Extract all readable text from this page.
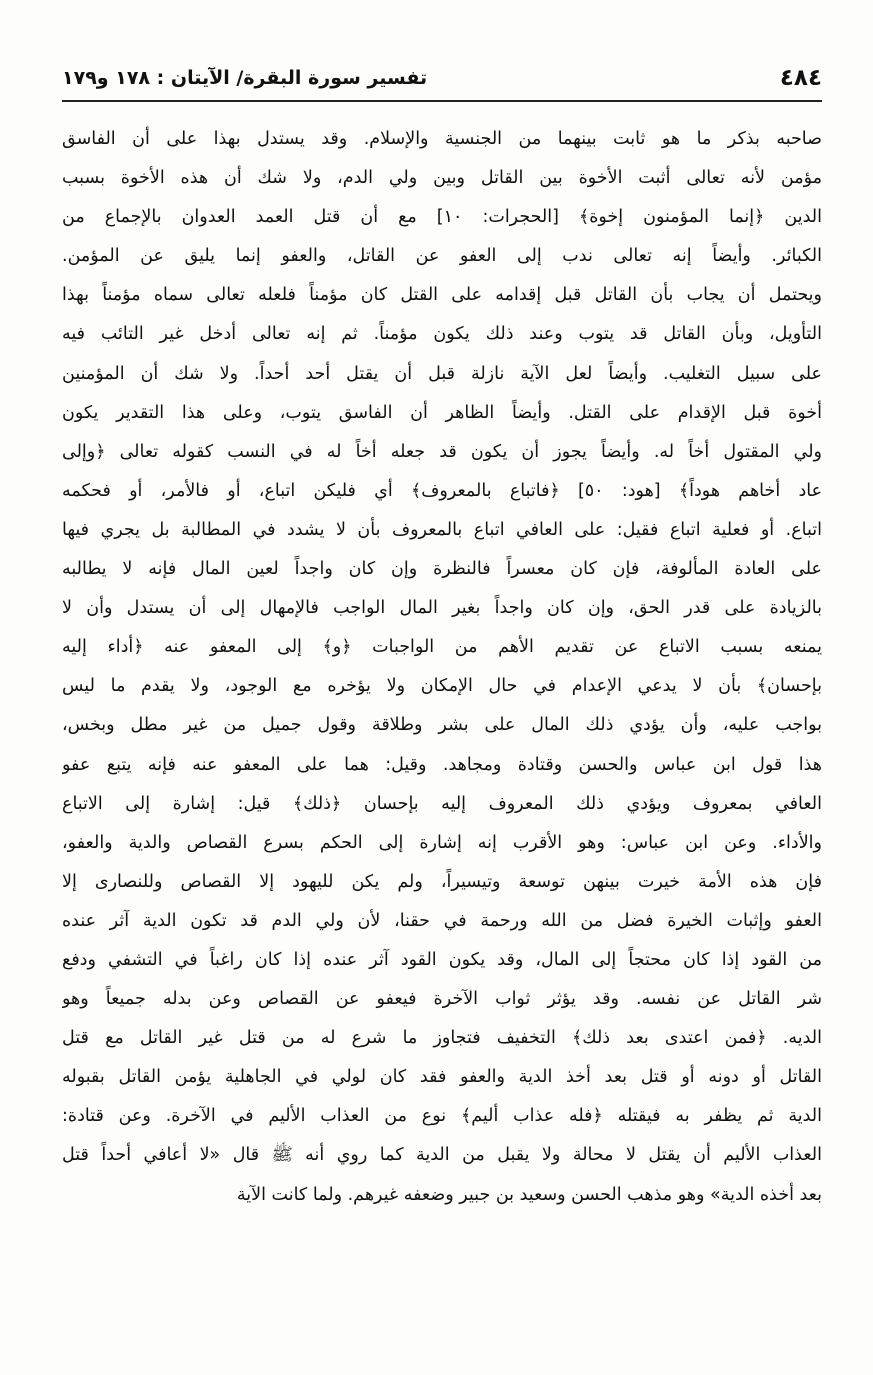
٤٨٤
تفسير سورة البقرة/ الآيتان : ١٧٨ و١٧٩
صاحبه بذكر ما هو ثابت بينهما من الجنسية والإسلام. وقد يستدل بهذا على أن الفاسق
مؤمن لأنه تعالى أثبت الأخوة بين القاتل وبين ولي الدم، ولا شك أن هذه الأخوة بسبب
الدين ﴿إنما المؤمنون إخوة﴾ [الحجرات: ١٠] مع أن قتل العمد العدوان بالإجماع من
الكبائر. وأيضاً إنه تعالى ندب إلى العفو عن القاتل، والعفو إنما يليق عن المؤمن.
ويحتمل أن يجاب بأن القاتل قبل إقدامه على القتل كان مؤمناً فلعله تعالى سماه مؤمناً بهذا
التأويل، وبأن القاتل قد يتوب وعند ذلك يكون مؤمناً. ثم إنه تعالى أدخل غير التائب فيه
على سبيل التغليب. وأيضاً لعل الآية نازلة قبل أن يقتل أحد أحداً. ولا شك أن المؤمنين
أخوة قبل الإقدام على القتل. وأيضاً الظاهر أن الفاسق يتوب، وعلى هذا التقدير يكون
ولي المقتول أخاً له. وأيضاً يجوز أن يكون قد جعله أخاً له في النسب كقوله تعالى ﴿وإلى
عاد أخاهم هوداً﴾ [هود: ٥٠] ﴿فاتباع بالمعروف﴾ أي فليكن اتباع، أو فالأمر، أو فحكمه
اتباع. أو فعلية اتباع فقيل: على العافي اتباع بالمعروف بأن لا يشدد في المطالبة بل يجري فيها
على العادة المألوفة، فإن كان معسراً فالنظرة وإن كان واجداً لعين المال فإنه لا يطالبه
بالزيادة على قدر الحق، وإن كان واجداً بغير المال الواجب فالإمهال إلى أن يستدل وأن لا
يمنعه بسبب الاتباع عن تقديم الأهم من الواجبات ﴿و﴾ إلى المعفو عنه ﴿أداء إليه
بإحسان﴾ بأن لا يدعي الإعدام في حال الإمكان ولا يؤخره مع الوجود، ولا يقدم ما ليس
بواجب عليه، وأن يؤدي ذلك المال على بشر وطلاقة وقول جميل من غير مطل وبخس،
هذا قول ابن عباس والحسن وقتادة ومجاهد. وقيل: هما على المعفو عنه فإنه يتبع عفو
العافي بمعروف ويؤدي ذلك المعروف إليه بإحسان ﴿ذلك﴾ قيل: إشارة إلى الاتباع
والأداء. وعن ابن عباس: وهو الأقرب إنه إشارة إلى الحكم بسرع القصاص والدية والعفو،
فإن هذه الأمة خيرت بينهن توسعة وتيسيراً، ولم يكن لليهود إلا القصاص وللنصارى إلا
العفو وإثبات الخيرة فضل من الله ورحمة في حقنا، لأن ولي الدم قد تكون الدية آثر عنده
من القود إذا كان محتجاً إلى المال، وقد يكون القود آثر عنده إذا كان راغباً في التشفي ودفع
شر القاتل عن نفسه. وقد يؤثر ثواب الآخرة فيعفو عن القصاص وعن بدله جميعاً وهو
الديه. ﴿فمن اعتدى بعد ذلك﴾ التخفيف فتجاوز ما شرع له من قتل غير القاتل مع قتل
القاتل أو دونه أو قتل بعد أخذ الدية والعفو فقد كان لولي في الجاهلية يؤمن القاتل بقبوله
الدية ثم يظفر به فيقتله ﴿فله عذاب أليم﴾ نوع من العذاب الأليم في الآخرة. وعن قتادة:
العذاب الأليم أن يقتل لا محالة ولا يقبل من الدية كما روي أنه ﷺ قال «لا أعافي أحداً قتل
بعد أخذه الدية» وهو مذهب الحسن وسعيد بن جبير وضعفه غيرهم. ولما كانت الآية
